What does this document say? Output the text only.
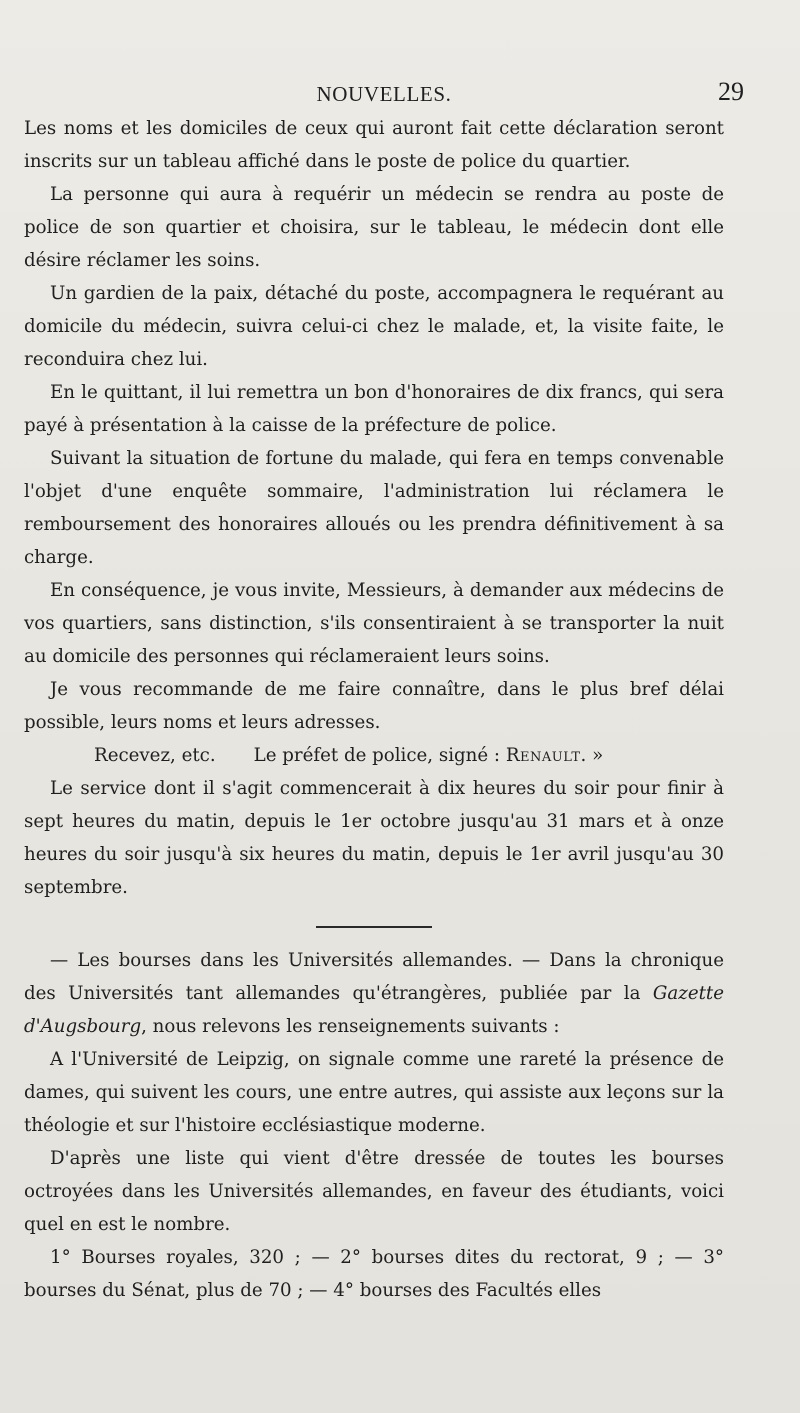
NOUVELLES.	29

Les noms et les domiciles de ceux qui auront fait cette déclaration seront inscrits sur un tableau affiché dans le poste de police du quartier.

La personne qui aura à requérir un médecin se rendra au poste de police de son quartier et choisira, sur le tableau, le médecin dont elle désire réclamer les soins.

Un gardien de la paix, détaché du poste, accompagnera le requérant au domicile du médecin, suivra celui-ci chez le malade, et, la visite faite, le reconduira chez lui.

En le quittant, il lui remettra un bon d'honoraires de dix francs, qui sera payé à présentation à la caisse de la préfecture de police.

Suivant la situation de fortune du malade, qui fera en temps convenable l'objet d'une enquête sommaire, l'administration lui réclamera le remboursement des honoraires alloués ou les prendra définitivement à sa charge.

En conséquence, je vous invite, Messieurs, à demander aux médecins de vos quartiers, sans distinction, s'ils consentiraient à se transporter la nuit au domicile des personnes qui réclameraient leurs soins.

Je vous recommande de me faire connaître, dans le plus bref délai possible, leurs noms et leurs adresses.

Recevez, etc. Le préfet de police, signé : Renault. »

Le service dont il s'agit commencerait à dix heures du soir pour finir à sept heures du matin, depuis le 1er octobre jusqu'au 31 mars et à onze heures du soir jusqu'à six heures du matin, depuis le 1er avril jusqu'au 30 septembre.

— Les bourses dans les Universités allemandes. — Dans la chronique des Universités tant allemandes qu'étrangères, publiée par la Gazette d'Augsbourg, nous relevons les renseignements suivants :

A l'Université de Leipzig, on signale comme une rareté la présence de dames, qui suivent les cours, une entre autres, qui assiste aux leçons sur la théologie et sur l'histoire ecclésiastique moderne.

D'après une liste qui vient d'être dressée de toutes les bourses octroyées dans les Universités allemandes, en faveur des étudiants, voici quel en est le nombre.

1° Bourses royales, 320 ; — 2° bourses dites du rectorat, 9 ; — 3° bourses du Sénat, plus de 70 ; — 4° bourses des Facultés elles
